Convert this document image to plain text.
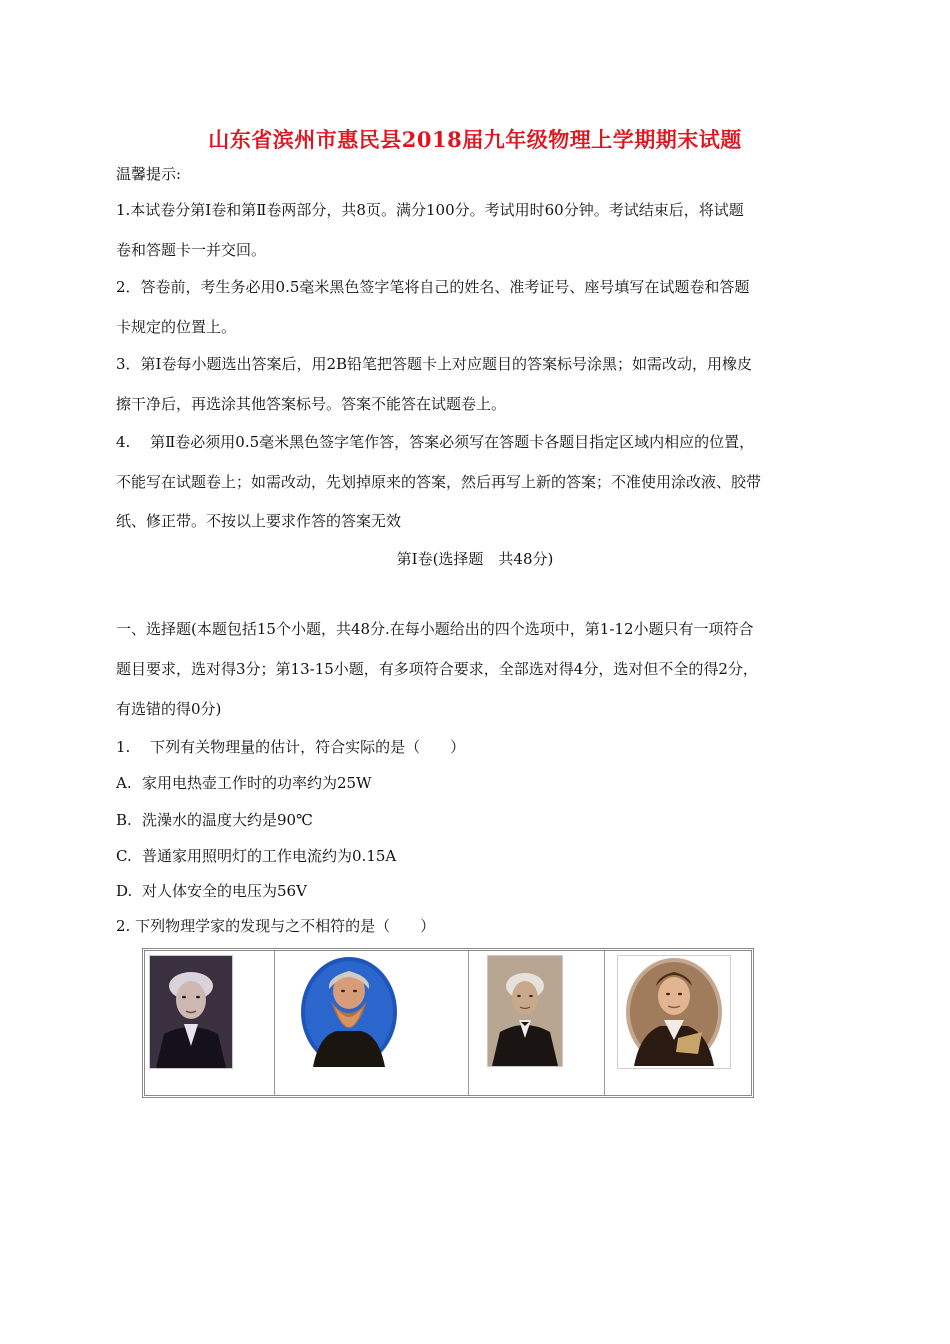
山东省滨州市惠民县2018届九年级物理上学期期末试题
温馨提示:
1.本试卷分第Ⅰ卷和第Ⅱ卷两部分，共8页。满分100分。考试用时60分钟。考试结束后，将试题
卷和答题卡一并交回。
2．答卷前，考生务必用0.5毫米黑色签字笔将自己的姓名、准考证号、座号填写在试题卷和答题
卡规定的位置上。
3．第Ⅰ卷每小题选出答案后，用2B铅笔把答题卡上对应题目的答案标号涂黑；如需改动，用橡皮
擦干净后，再选涂其他答案标号。答案不能答在试题卷上。
4.　 第Ⅱ卷必须用0.5毫米黑色签字笔作答，答案必须写在答题卡各题目指定区域内相应的位置，
不能写在试题卷上；如需改动，先划掉原来的答案，然后再写上新的答案；不准使用涂改液、胶带
纸、修正带。不按以上要求作答的答案无效
第Ⅰ卷(选择题　共48分)
一、选择题(本题包括15个小题，共48分.在每小题给出的四个选项中，第1-12小题只有一项符合
题目要求，选对得3分；第13-15小题，有多项符合要求，全部选对得4分，选对但不全的得2分，
有选错的得0分)
1.　 下列有关物理量的估计，符合实际的是（　　）
A. 家用电热壶工作时的功率约为25W
B. 洗澡水的温度大约是90℃
C. 普通家用照明灯的工作电流约为0.15A
D. 对人体安全的电压为56V
2. 下列物理学家的发现与之不相符的是（　　）
